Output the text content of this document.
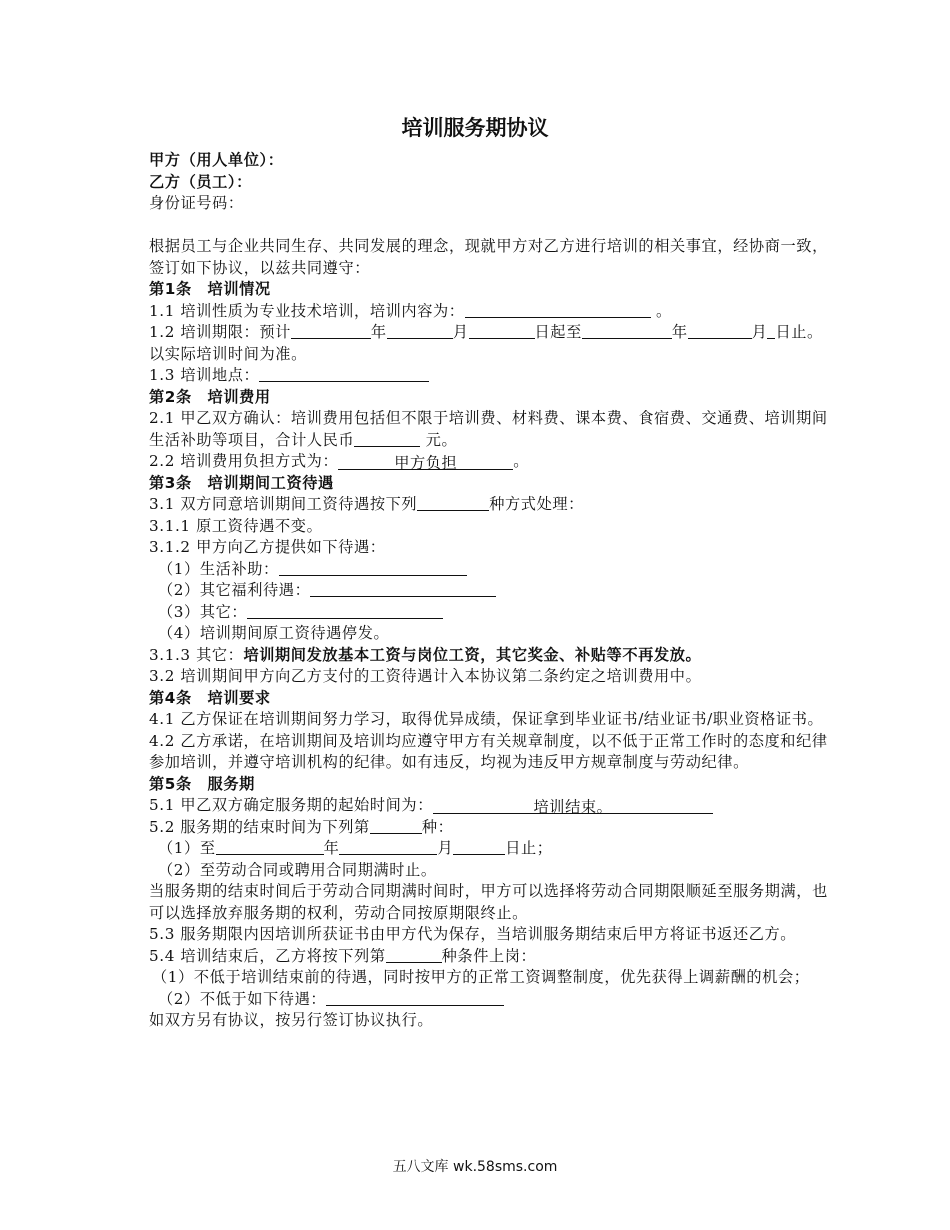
培训服务期协议

甲方（用人单位）：

乙方（员工）：

身份证号码：

根据员工与企业共同生存、共同发展的理念，现就甲方对乙方进行培训的相关事宜，经协商一致，签订如下协议，以兹共同遵守：

第1条　培训情况

1.1 培训性质为专业技术培训，培训内容为：	。

1.2 培训期限：预计	年	月	日起至	年	月 日止。以实际培训时间为准。

1.3 培训地点：

第2条　培训费用

2.1 甲乙双方确认：培训费用包括但不限于培训费、材料费、课本费、食宿费、交通费、培训期间生活补助等项目，合计人民币	元。

2.2 培训费用负担方式为：	甲方负担	。

第3条　培训期间工资待遇

3.1 双方同意培训期间工资待遇按下列	种方式处理：

3.1.1 原工资待遇不变。

3.1.2 甲方向乙方提供如下待遇：

（1）生活补助：

（2）其它福利待遇：

（3）其它：

（4）培训期间原工资待遇停发。

3.1.3 其它：培训期间发放基本工资与岗位工资，其它奖金、补贴等不再发放。

3.2 培训期间甲方向乙方支付的工资待遇计入本协议第二条约定之培训费用中。

第4条　培训要求

4.1 乙方保证在培训期间努力学习，取得优异成绩，保证拿到毕业证书/结业证书/职业资格证书。

4.2 乙方承诺，在培训期间及培训均应遵守甲方有关规章制度，以不低于正常工作时的态度和纪律参加培训，并遵守培训机构的纪律。如有违反，均视为违反甲方规章制度与劳动纪律。

第5条　服务期

5.1 甲乙双方确定服务期的起始时间为：	培训结束。

5.2 服务期的结束时间为下列第	种：

（1）至	年	月	日止；

（2）至劳动合同或聘用合同期满时止。

当服务期的结束时间后于劳动合同期满时间时，甲方可以选择将劳动合同期限顺延至服务期满，也可以选择放弃服务期的权利，劳动合同按原期限终止。

5.3 服务期限内因培训所获证书由甲方代为保存，当培训服务期结束后甲方将证书返还乙方。

5.4 培训结束后，乙方将按下列第	种条件上岗：

（1）不低于培训结束前的待遇，同时按甲方的正常工资调整制度，优先获得上调薪酬的机会；

（2）不低于如下待遇：

如双方另有协议，按另行签订协议执行。

五八文库 wk.58sms.com
